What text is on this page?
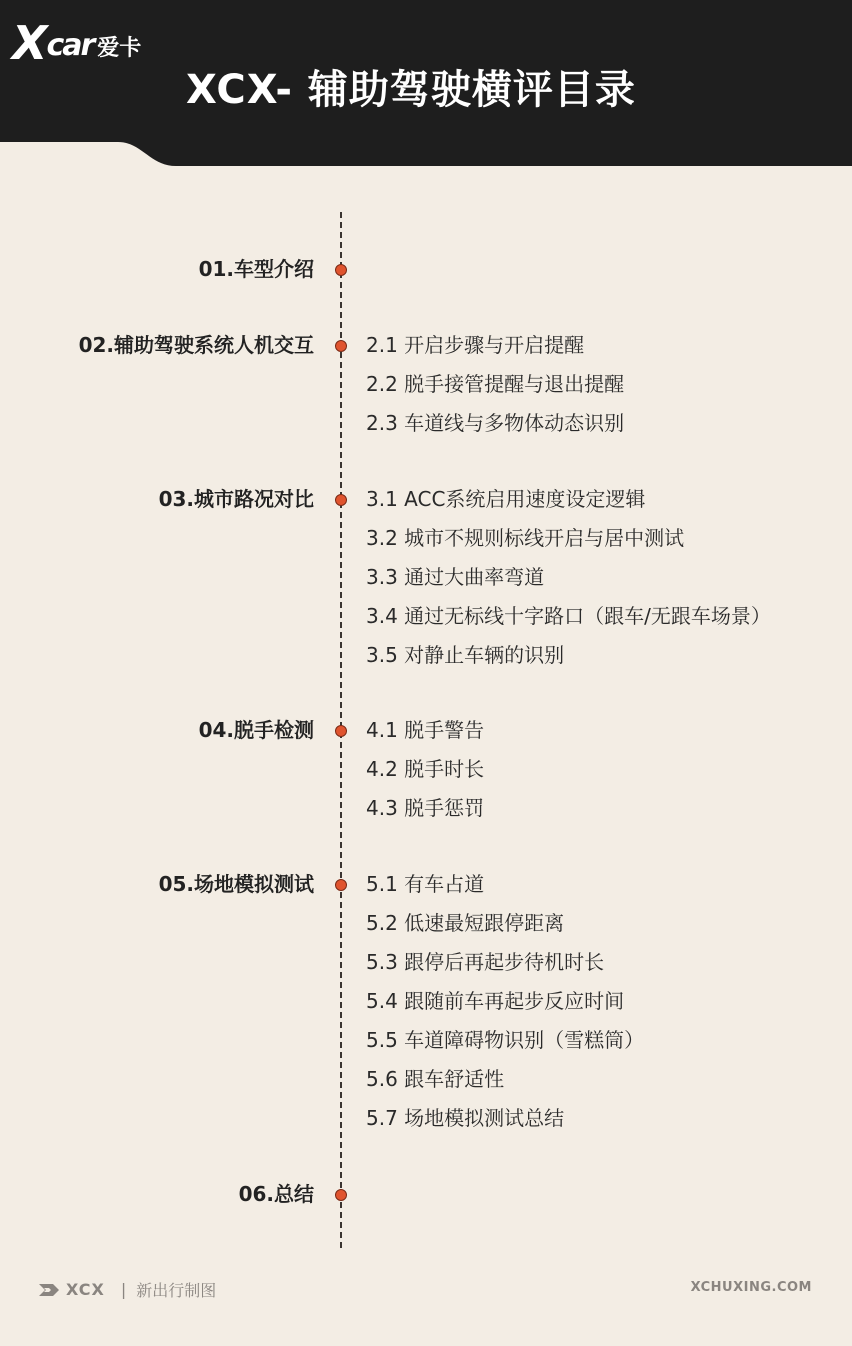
X car 爱卡
XCX- 辅助驾驶横评目录
01.车型介绍
02.辅助驾驶系统人机交互	2.1 开启步骤与开启提醒
2.2 脱手接管提醒与退出提醒
2.3 车道线与多物体动态识别
03.城市路况对比	3.1 ACC系统启用速度设定逻辑
3.2 城市不规则标线开启与居中测试
3.3 通过大曲率弯道
3.4 通过无标线十字路口（跟车/无跟车场景）
3.5 对静止车辆的识别
04.脱手检测	4.1 脱手警告
4.2 脱手时长
4.3 脱手惩罚
05.场地模拟测试	5.1 有车占道
5.2 低速最短跟停距离
5.3 跟停后再起步待机时长
5.4 跟随前车再起步反应时间
5.5 车道障碍物识别（雪糕筒）
5.6 跟车舒适性
5.7 场地模拟测试总结
06.总结
XCX | 新出行制图	XCHUXING.COM
